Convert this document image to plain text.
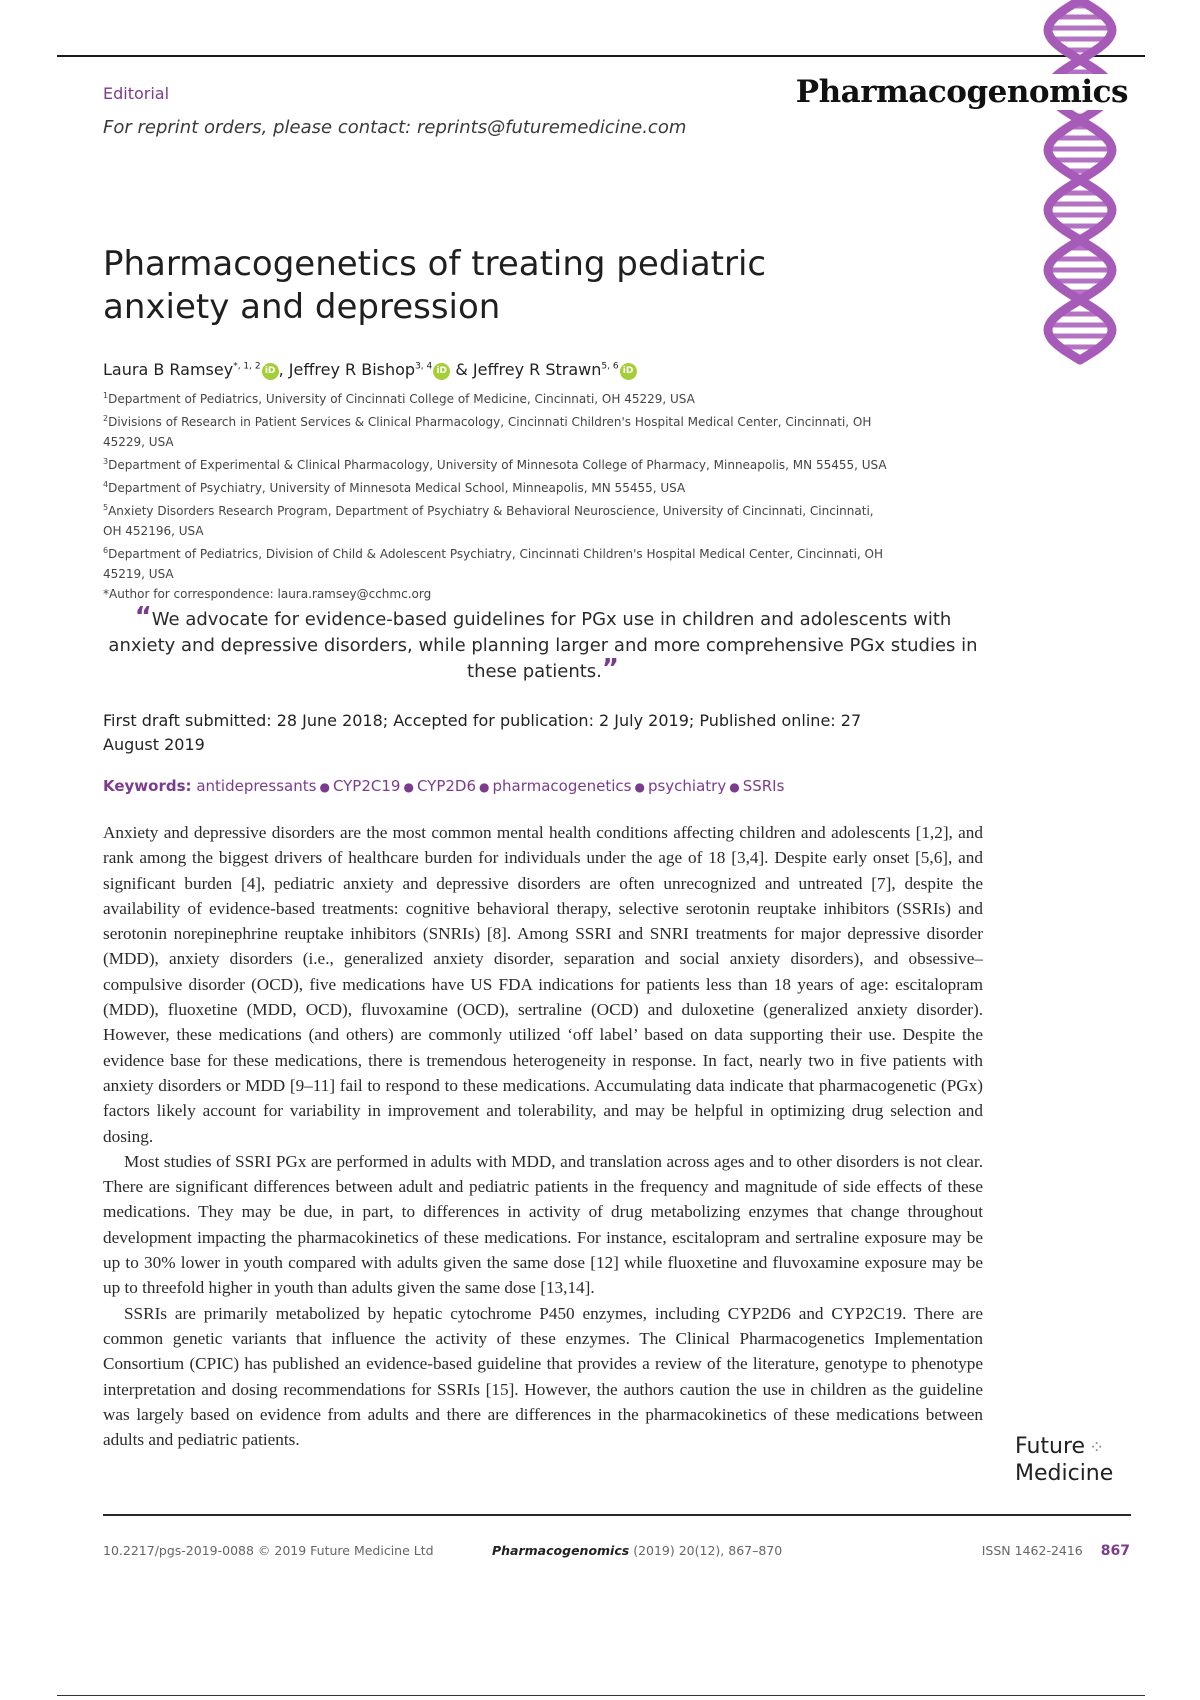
Editorial
For reprint orders, please contact: reprints@futuremedicine.com
Pharmacogenomics
Pharmacogenetics of treating pediatric anxiety and depression
Laura B Ramsey$^{*, 1, 2}$ iD , Jeffrey R Bishop$^{3, 4}$ iD & Jeffrey R Strawn$^{5, 6}$ iD
$^1$Department of Pediatrics, University of Cincinnati College of Medicine, Cincinnati, OH 45229, USA
$^2$Divisions of Research in Patient Services & Clinical Pharmacology, Cincinnati Children's Hospital Medical Center, Cincinnati, OH 45229, USA
$^3$Department of Experimental & Clinical Pharmacology, University of Minnesota College of Pharmacy, Minneapolis, MN 55455, USA
$^4$Department of Psychiatry, University of Minnesota Medical School, Minneapolis, MN 55455, USA
$^5$Anxiety Disorders Research Program, Department of Psychiatry & Behavioral Neuroscience, University of Cincinnati, Cincinnati, OH 452196, USA
$^6$Department of Pediatrics, Division of Child & Adolescent Psychiatry, Cincinnati Children's Hospital Medical Center, Cincinnati, OH 45219, USA
*Author for correspondence: laura.ramsey@cchmc.org
“We advocate for evidence-based guidelines for PGx use in children and adolescents with anxiety and depressive disorders, while planning larger and more comprehensive PGx studies in these patients.”
First draft submitted: 28 June 2018; Accepted for publication: 2 July 2019; Published online: 27 August 2019
Keywords: antidepressants ● CYP2C19 ● CYP2D6 ● pharmacogenetics ● psychiatry ● SSRIs

Anxiety and depressive disorders are the most common mental health conditions affecting children and adolescents [1,2], and rank among the biggest drivers of healthcare burden for individuals under the age of 18 [3,4]. Despite early onset [5,6], and significant burden [4], pediatric anxiety and depressive disorders are often unrecognized and untreated [7], despite the availability of evidence-based treatments: cognitive behavioral therapy, selective serotonin reuptake inhibitors (SSRIs) and serotonin norepinephrine reuptake inhibitors (SNRIs) [8]. Among SSRI and SNRI treatments for major depressive disorder (MDD), anxiety disorders (i.e., generalized anxiety disorder, separation and social anxiety disorders), and obsessive–compulsive disorder (OCD), five medications have US FDA indications for patients less than 18 years of age: escitalopram (MDD), fluoxetine (MDD, OCD), fluvoxamine (OCD), sertraline (OCD) and duloxetine (generalized anxiety disorder). However, these medications (and others) are commonly utilized ‘off label’ based on data supporting their use. Despite the evidence base for these medications, there is tremendous heterogeneity in response. In fact, nearly two in five patients with anxiety disorders or MDD [9–11] fail to respond to these medications. Accumulating data indicate that pharmacogenetic (PGx) factors likely account for variability in improvement and tolerability, and may be helpful in optimizing drug selection and dosing.

Most studies of SSRI PGx are performed in adults with MDD, and translation across ages and to other disorders is not clear. There are significant differences between adult and pediatric patients in the frequency and magnitude of side effects of these medications. They may be due, in part, to differences in activity of drug metabolizing enzymes that change throughout development impacting the pharmacokinetics of these medications. For instance, escitalopram and sertraline exposure may be up to 30% lower in youth compared with adults given the same dose [12] while fluoxetine and fluvoxamine exposure may be up to threefold higher in youth than adults given the same dose [13,14].

SSRIs are primarily metabolized by hepatic cytochrome P450 enzymes, including CYP2D6 and CYP2C19. There are common genetic variants that influence the activity of these enzymes. The Clinical Pharmacogenetics Implementation Consortium (CPIC) has published an evidence-based guideline that provides a review of the literature, genotype to phenotype interpretation and dosing recommendations for SSRIs [15]. However, the authors caution the use in children as the guideline was largely based on evidence from adults and there are differences in the pharmacokinetics of these medications between adults and pediatric patients.	Future ⁘
Medicine
10.2217/pgs-2019-0088 © 2019 Future Medicine Ltd	Pharmacogenomics (2019) 20(12), 867–870	ISSN 1462-2416 867
